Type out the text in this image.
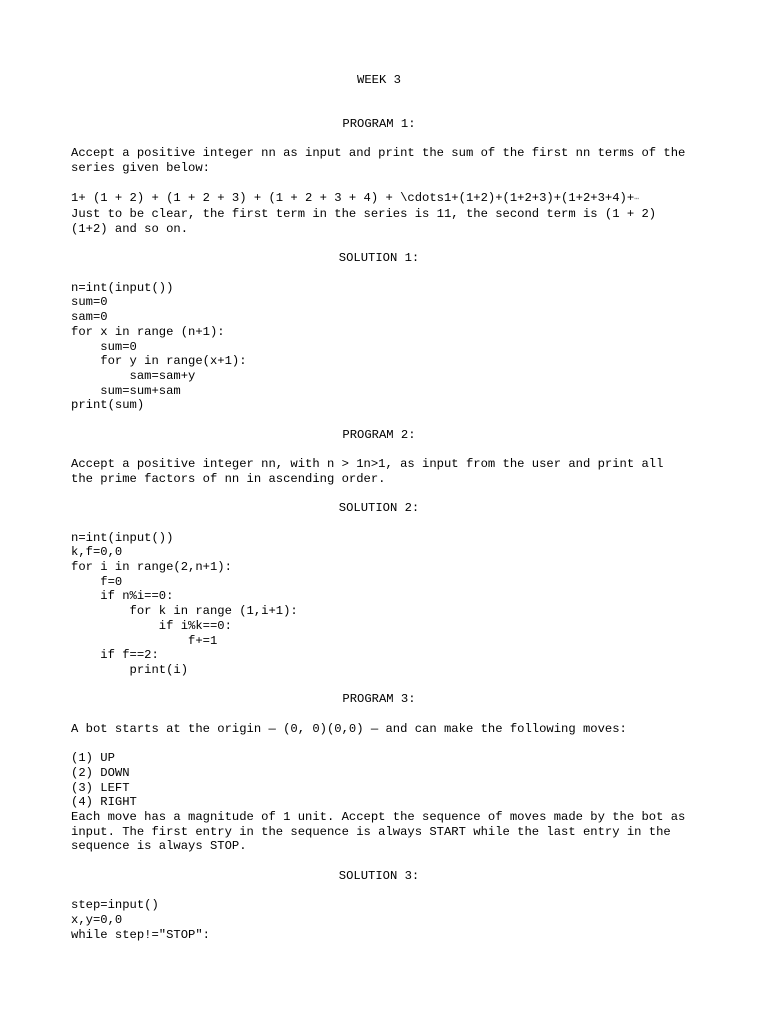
WEEK 3

PROGRAM 1:

Accept a positive integer nn as input and print the sum of the first nn terms of the series given below:

1+ (1 + 2) + (1 + 2 + 3) + (1 + 2 + 3 + 4) + \cdots1+(1+2)+(1+2+3)+(1+2+3+4)+⋯

Just to be clear, the first term in the series is 11, the second term is (1 + 2) (1+2) and so on.

SOLUTION 1:

n=int(input())
sum=0
sam=0
for x in range (n+1):
sum=0
for y in range(x+1):
sam=sam+y
sum=sum+sam
print(sum)

PROGRAM 2:

Accept a positive integer nn, with n > 1n>1, as input from the user and print all the prime factors of nn in ascending order.

SOLUTION 2:

n=int(input())
k,f=0,0
for i in range(2,n+1):
f=0
if n%i==0:
for k in range (1,i+1):
if i%k==0:
f+=1
if f==2:
print(i)

PROGRAM 3:

A bot starts at the origin — (0, 0)(0,0) — and can make the following moves:

(1) UP
(2) DOWN
(3) LEFT
(4) RIGHT

Each move has a magnitude of 1 unit. Accept the sequence of moves made by the bot as input. The first entry in the sequence is always START while the last entry in the sequence is always STOP.

SOLUTION 3:

step=input()
x,y=0,0
while step!="STOP":
